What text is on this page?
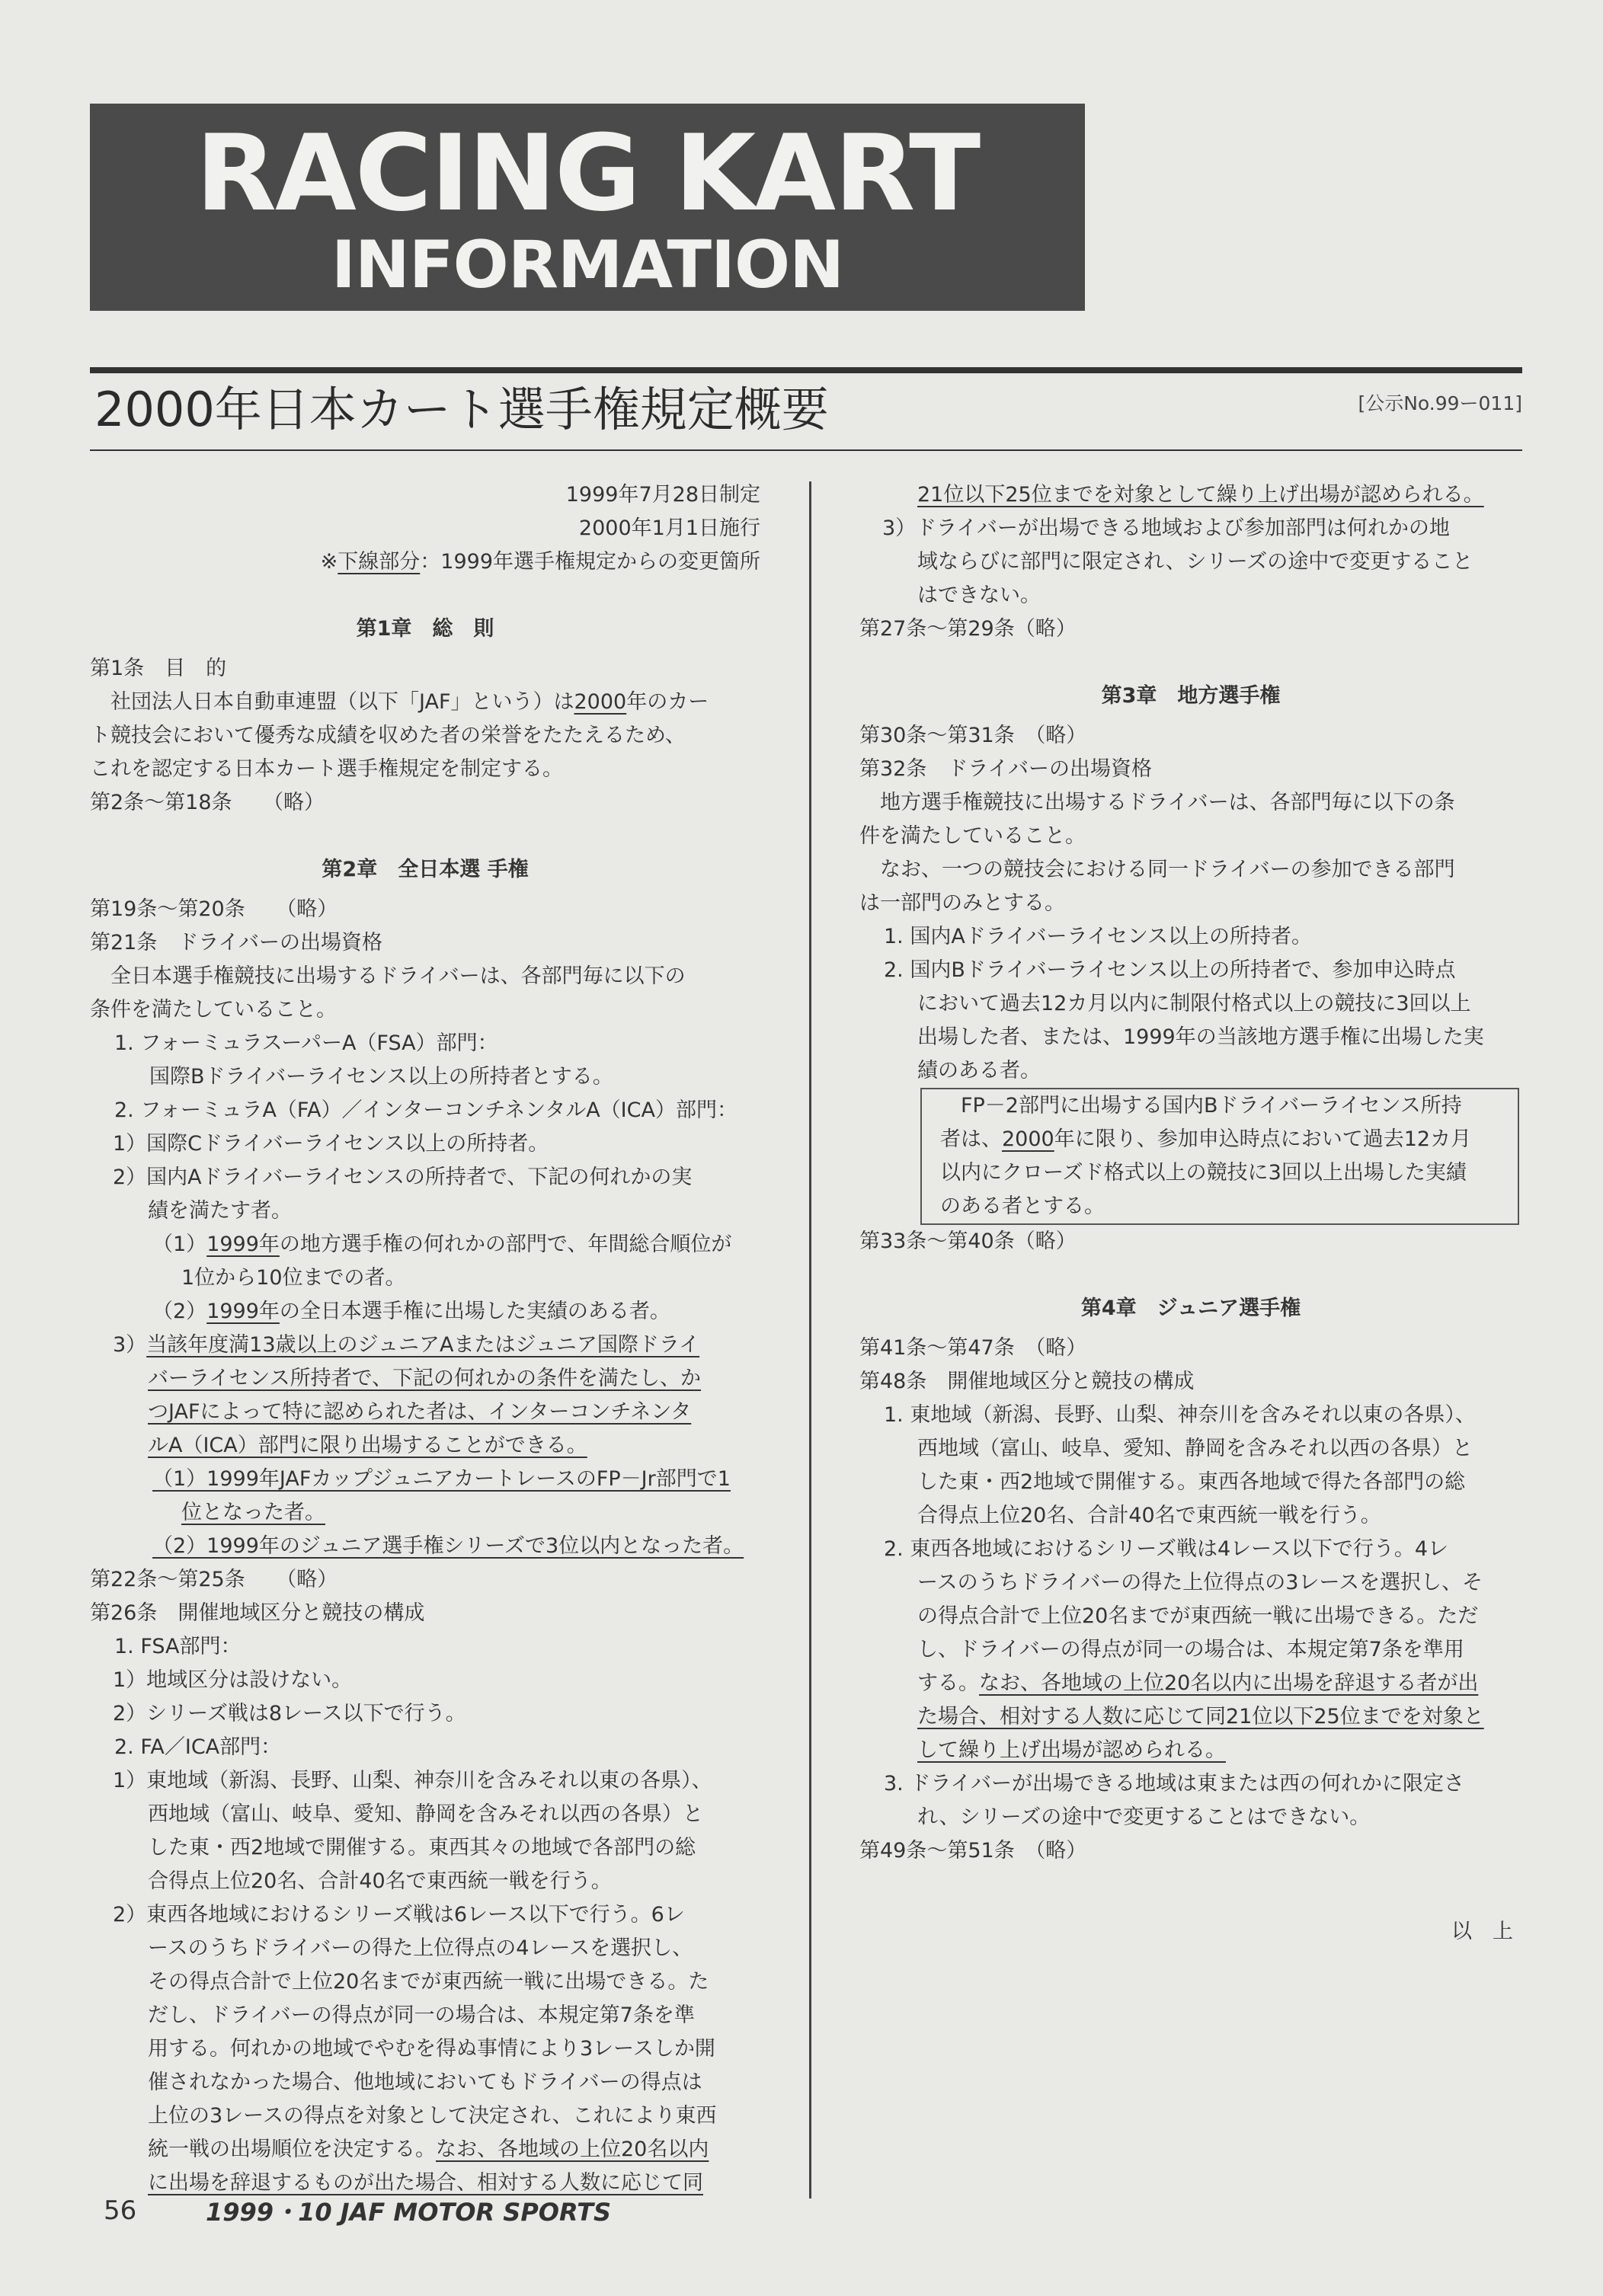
RACING KART
INFORMATION
2000年日本カート選手権規定概要	[公示No.99ー011]
1999年7月28日制定
2000年1月1日施行
※下線部分：1999年選手権規定からの変更箇所
第1章　総　則
第1条　目　的
　社団法人日本自動車連盟（以下「JAF」という）は2000年のカー
ト競技会において優秀な成績を収めた者の栄誉をたたえるため、
これを認定する日本カート選手権規定を制定する。
第2条～第18条　　（略）
第2章　全日本選 手権
第19条～第20条　　（略）
第21条　ドライバーの出場資格
　全日本選手権競技に出場するドライバーは、各部門毎に以下の
条件を満たしていること。
1. フォーミュラスーパーA（FSA）部門：
国際Bドライバーライセンス以上の所持者とする。
2. フォーミュラA（FA）／インターコンチネンタルA（ICA）部門：
1）国際Cドライバーライセンス以上の所持者。
2）国内Aドライバーライセンスの所持者で、下記の何れかの実
績を満たす者。
（1）1999年の地方選手権の何れかの部門で、年間総合順位が
1位から10位までの者。
（2）1999年の全日本選手権に出場した実績のある者。
3）当該年度満13歳以上のジュニアAまたはジュニア国際ドライ
バーライセンス所持者で、下記の何れかの条件を満たし、か
つJAFによって特に認められた者は、インターコンチネンタ
ルA（ICA）部門に限り出場することができる。
（1）1999年JAFカップジュニアカートレースのFP－Jr部門で1
位となった者。
（2）1999年のジュニア選手権シリーズで3位以内となった者。
第22条～第25条　　（略）
第26条　開催地域区分と競技の構成
1. FSA部門：
1）地域区分は設けない。
2）シリーズ戦は8レース以下で行う。
2. FA／ICA部門：
1）東地域（新潟、長野、山梨、神奈川を含みそれ以東の各県）、
西地域（富山、岐阜、愛知、静岡を含みそれ以西の各県）と
した東・西2地域で開催する。東西其々の地域で各部門の総
合得点上位20名、合計40名で東西統一戦を行う。
2）東西各地域におけるシリーズ戦は6レース以下で行う。6レ
ースのうちドライバーの得た上位得点の4レースを選択し、
その得点合計で上位20名までが東西統一戦に出場できる。た
だし、ドライバーの得点が同一の場合は、本規定第7条を準
用する。何れかの地域でやむを得ぬ事情により3レースしか開
催されなかった場合、他地域においてもドライバーの得点は
上位の3レースの得点を対象として決定され、これにより東西
統一戦の出場順位を決定する。なお、各地域の上位20名以内
に出場を辞退するものが出た場合、相対する人数に応じて同
21位以下25位までを対象として繰り上げ出場が認められる。
3）ドライバーが出場できる地域および参加部門は何れかの地
域ならびに部門に限定され、シリーズの途中で変更すること
はできない。
第27条～第29条（略）
第3章　地方選手権
第30条～第31条　（略）
第32条　ドライバーの出場資格
　地方選手権競技に出場するドライバーは、各部門毎に以下の条
件を満たしていること。
　なお、一つの競技会における同一ドライバーの参加できる部門
は一部門のみとする。
1. 国内Aドライバーライセンス以上の所持者。
2. 国内Bドライバーライセンス以上の所持者で、参加申込時点
において過去12カ月以内に制限付格式以上の競技に3回以上
出場した者、または、1999年の当該地方選手権に出場した実
績のある者。
　FP－2部門に出場する国内Bドライバーライセンス所持
者は、2000年に限り、参加申込時点において過去12カ月
以内にクローズド格式以上の競技に3回以上出場した実績
のある者とする。
第33条～第40条（略）
第4章　ジュニア選手権
第41条～第47条　（略）
第48条　開催地域区分と競技の構成
1. 東地域（新潟、長野、山梨、神奈川を含みそれ以東の各県）、
西地域（富山、岐阜、愛知、静岡を含みそれ以西の各県）と
した東・西2地域で開催する。東西各地域で得た各部門の総
合得点上位20名、合計40名で東西統一戦を行う。
2. 東西各地域におけるシリーズ戦は4レース以下で行う。4レ
ースのうちドライバーの得た上位得点の3レースを選択し、そ
の得点合計で上位20名までが東西統一戦に出場できる。ただ
し、ドライバーの得点が同一の場合は、本規定第7条を準用
する。なお、各地域の上位20名以内に出場を辞退する者が出
た場合、相対する人数に応じて同21位以下25位までを対象と
して繰り上げ出場が認められる。
3. ドライバーが出場できる地域は東または西の何れかに限定さ
れ、シリーズの途中で変更することはできない。
第49条～第51条　（略）
以　上
56	1999・10 JAF MOTOR SPORTS
